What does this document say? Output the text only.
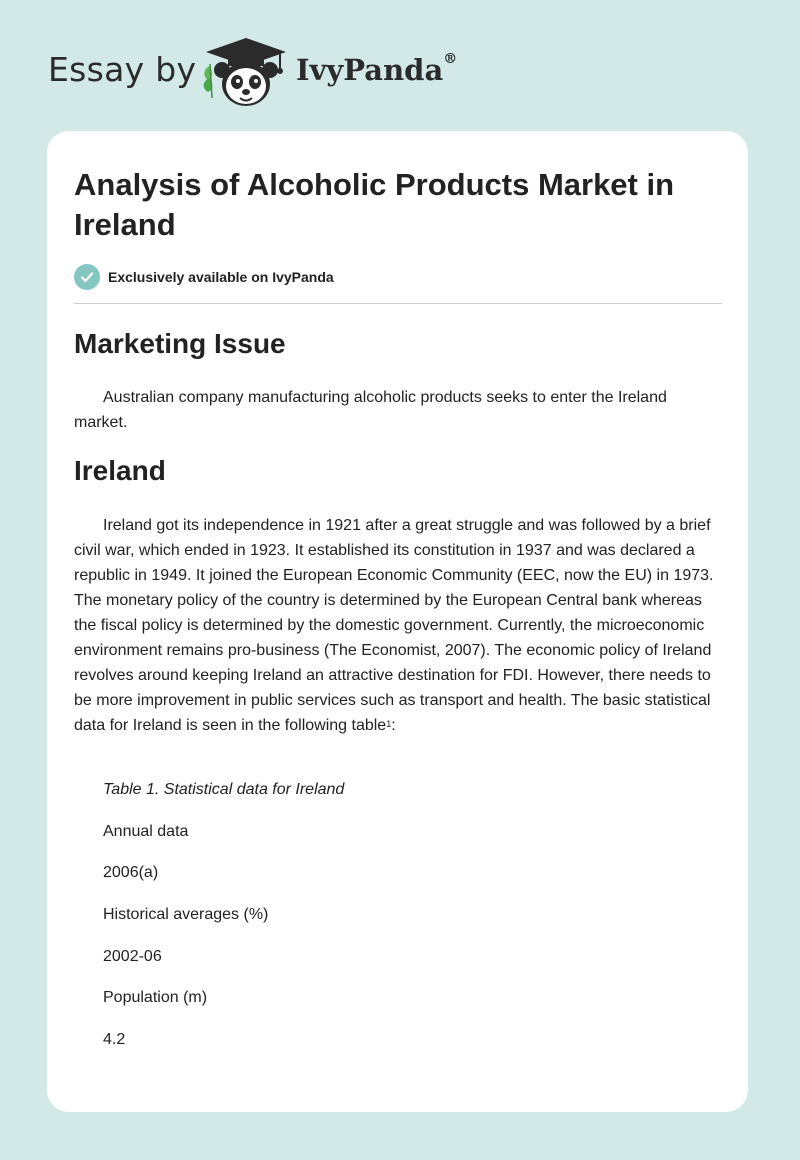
Essay by	IvyPanda®
Analysis of Alcoholic Products Market in Ireland
Exclusively available on IvyPanda
Marketing Issue

Australian company manufacturing alcoholic products seeks to enter the Ireland market.

Ireland

Ireland got its independence in 1921 after a great struggle and was followed by a brief civil war, which ended in 1923. It established its constitution in 1937 and was declared a republic in 1949. It joined the European Economic Community (EEC, now the EU) in 1973. The monetary policy of the country is determined by the European Central bank whereas the fiscal policy is determined by the domestic government. Currently, the microeconomic environment remains pro-business (The Economist, 2007). The economic policy of Ireland revolves around keeping Ireland an attractive destination for FDI. However, there needs to be more improvement in public services such as transport and health. The basic statistical data for Ireland is seen in the following table$^1$:

Table 1. Statistical data for Ireland

Annual data

2006(a)

Historical averages (%)

2002-06

Population (m)

4.2
